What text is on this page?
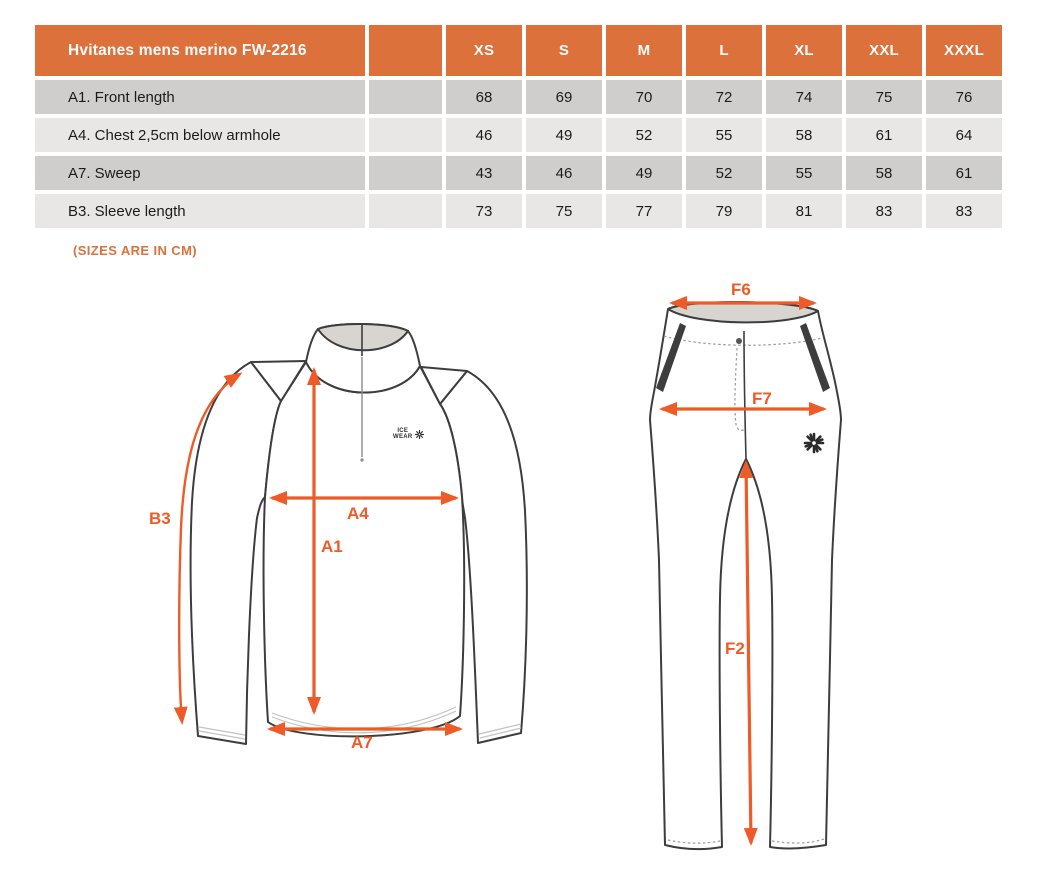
Hvitanes mens merino FW-2216		XS	S	M	L	XL	XXL	XXXL
A1. Front length		68	69	70	72	74	75	76
A4. Chest 2,5cm below armhole		46	49	52	55	58	61	64
A7. Sweep		43	46	49	52	55	58	61
B3. Sleeve length		73	75	77	79	81	83	83
(SIZES ARE IN CM)
B3
A1
A4
A7
F6
F7
F2
ICE
WEAR
